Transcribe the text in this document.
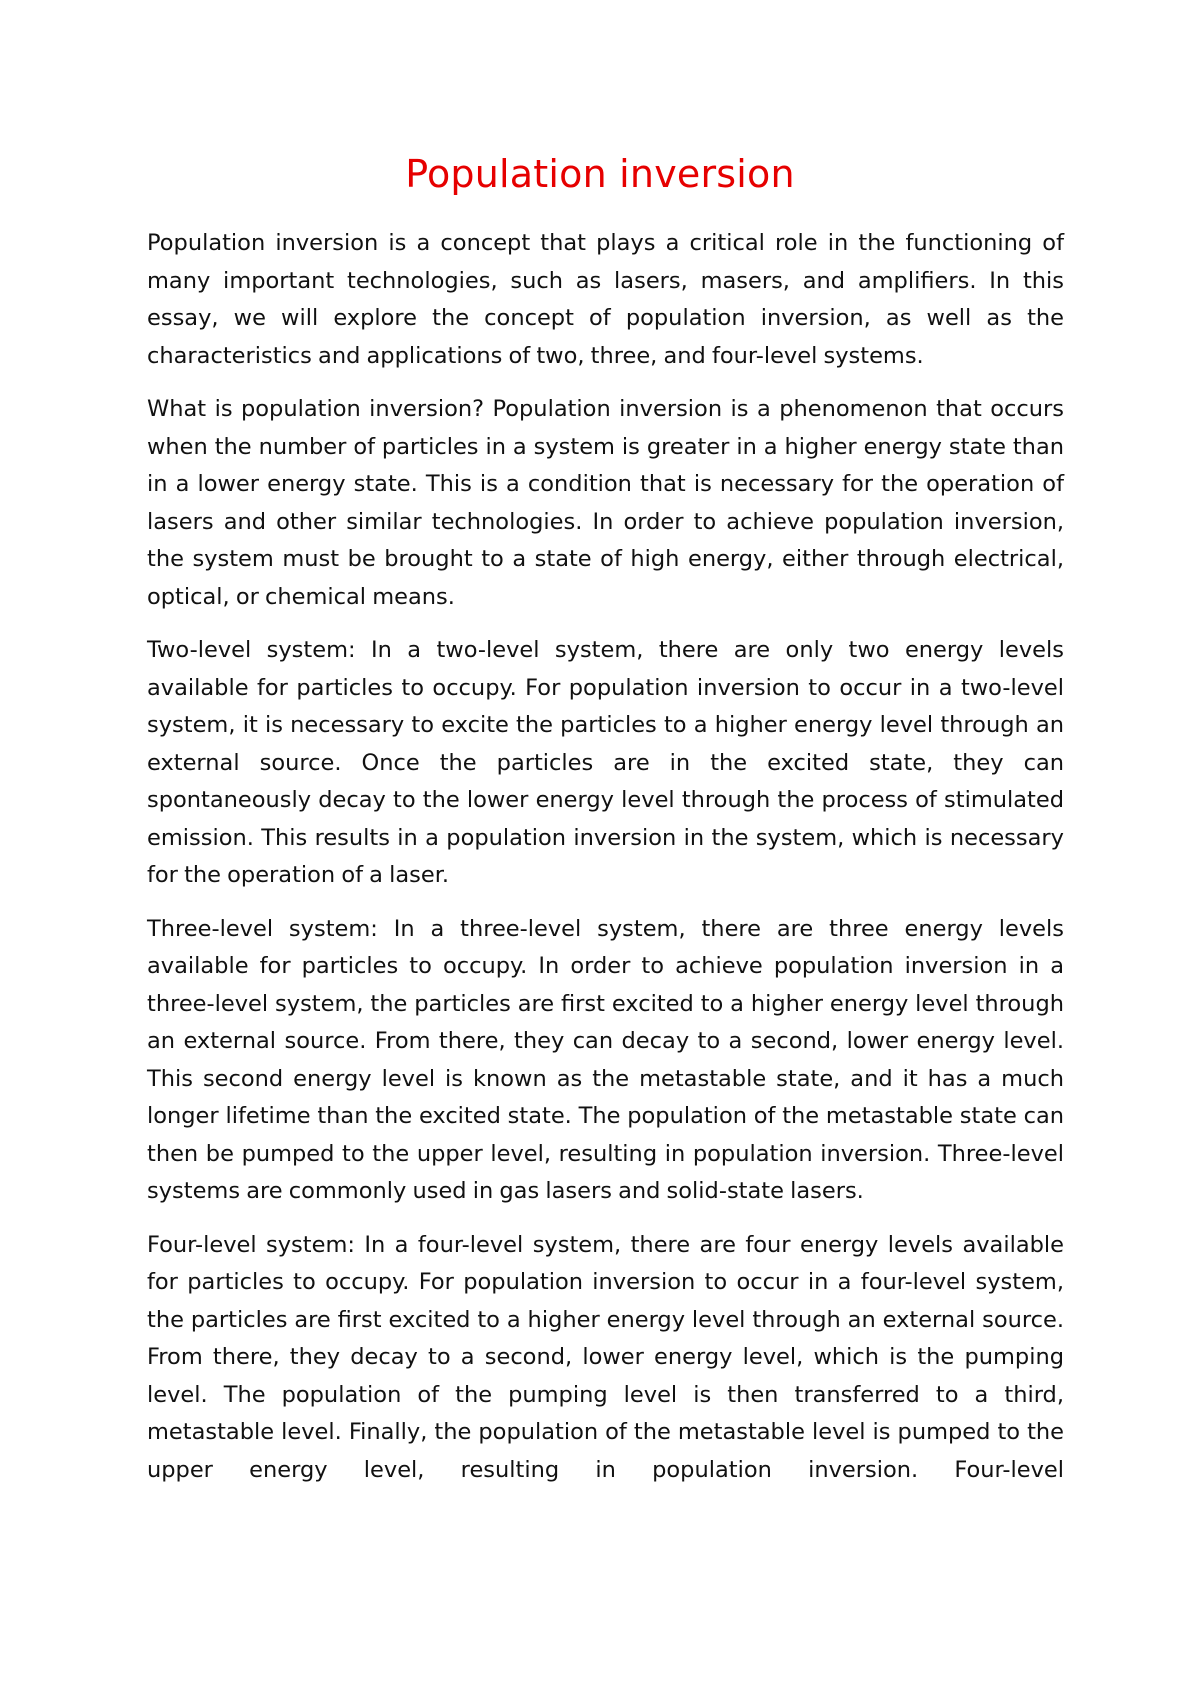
Population inversion

Population inversion is a concept that plays a critical role in the functioning of many important technologies, such as lasers, masers, and amplifiers. In this essay, we will explore the concept of population inversion, as well as the characteristics and applications of two, three, and four-level systems.

What is population inversion? Population inversion is a phenomenon that occurs when the number of particles in a system is greater in a higher energy state than in a lower energy state. This is a condition that is necessary for the operation of lasers and other similar technologies. In order to achieve population inversion, the system must be brought to a state of high energy, either through electrical, optical, or chemical means.

Two-level system: In a two-level system, there are only two energy levels available for particles to occupy. For population inversion to occur in a two-level system, it is necessary to excite the particles to a higher energy level through an external source. Once the particles are in the excited state, they can spontaneously decay to the lower energy level through the process of stimulated emission. This results in a population inversion in the system, which is necessary for the operation of a laser.

Three-level system: In a three-level system, there are three energy levels available for particles to occupy. In order to achieve population inversion in a three-level system, the particles are first excited to a higher energy level through an external source. From there, they can decay to a second, lower energy level. This second energy level is known as the metastable state, and it has a much longer lifetime than the excited state. The population of the metastable state can then be pumped to the upper level, resulting in population inversion. Three-level systems are commonly used in gas lasers and solid-state lasers.

Four-level system: In a four-level system, there are four energy levels available for particles to occupy. For population inversion to occur in a four-level system, the particles are first excited to a higher energy level through an external source. From there, they decay to a second, lower energy level, which is the pumping level. The population of the pumping level is then transferred to a third, metastable level. Finally, the population of the metastable level is pumped to the upper energy level, resulting in population inversion. Four-level
